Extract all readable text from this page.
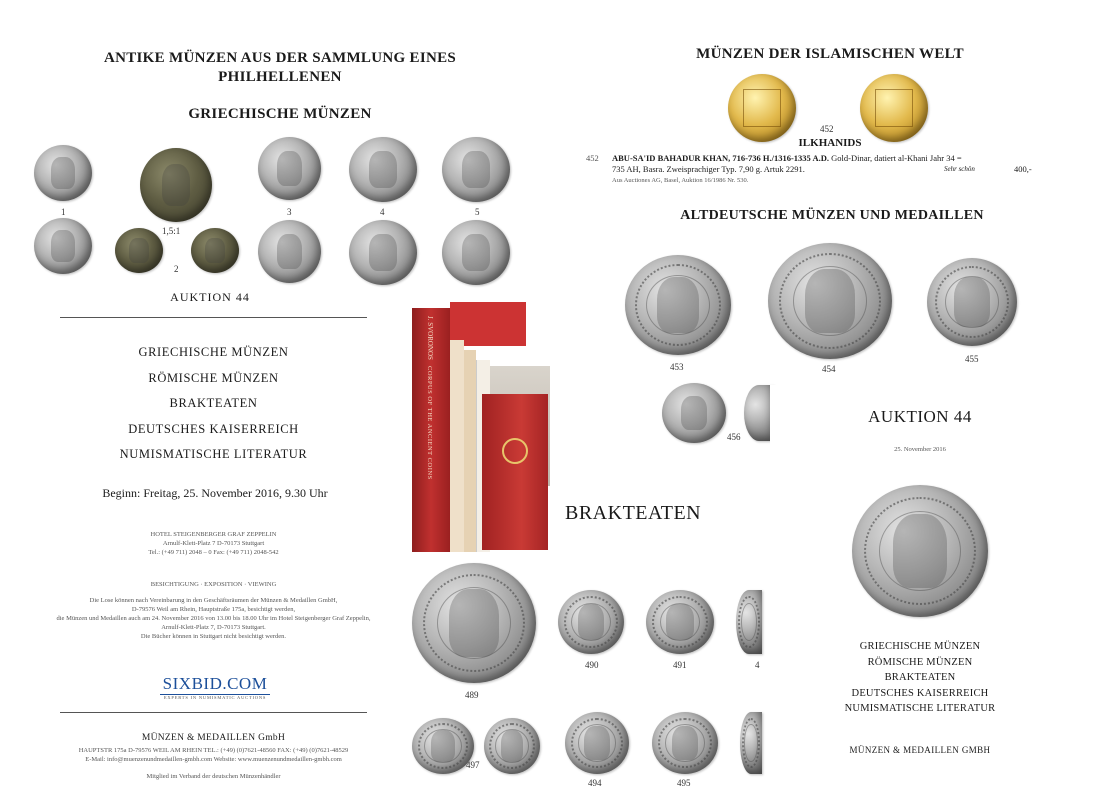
ANTIKE MÜNZEN AUS DER SAMMLUNG EINES
PHILHELLENEN
GRIECHISCHE MÜNZEN
1
1,5:1
2
3	4	5
AUKTION 44
GRIECHISCHE MÜNZEN
RÖMISCHE MÜNZEN
BRAKTEATEN
DEUTSCHES KAISERREICH
NUMISMATISCHE LITERATUR
Beginn: Freitag, 25. November 2016, 9.30 Uhr
HOTEL STEIGENBERGER GRAF ZEPPELIN
Arnulf-Klett-Platz 7 D-70173 Stuttgart
Tel.: (+49 711) 2048 – 0 Fax: (+49 711) 2048-542
BESICHTIGUNG · EXPOSITION · VIEWING
Die Lose können nach Vereinbarung in den Geschäftsräumen der Münzen & Medaillen GmbH,
D-79576 Weil am Rhein, Hauptstraße 175a, besichtigt werden,
die Münzen und Medaillen auch am 24. November 2016 von 13.00 bis 18.00 Uhr im Hotel Steigenberger Graf Zeppelin,
Arnulf-Klett-Platz 7, D-70173 Stuttgart.
Die Bücher können in Stuttgart nicht besichtigt werden.
SIXBID.COM
EXPERTS IN NUMISMATIC AUCTIONS
MÜNZEN & MEDAILLEN GmbH
HAUPTSTR 175a D-79576 WEIL AM RHEIN TEL.: (+49) (0)7621-48560 FAX: (+49) (0)7621-48529
E-Mail: info@muenzenundmedaillen-gmbh.com Website: www.muenzenundmedaillen-gmbh.com
Mitglied im Verband der deutschen Münzenhändler
J. SVORONOS
CORPUS OF THE ANCIENT COINS
MÜNZEN DER ISLAMISCHEN WELT
452
ILKHANIDS
452 ABU-SA'ID BAHADUR KHAN, 716-736 H./1316-1335 A.D. Gold-Dinar, datiert al-Khani Jahr 34 =
735 AH, Basra. Zweisprachiger Typ. 7,90 g. Artuk 2291.	Sehr schön	400,-
Aus Auctiones AG, Basel, Auktion 16/1986 Nr. 530.
ALTDEUTSCHE MÜNZEN UND MEDAILLEN
453	454
455
456
AUKTION 44
25. November 2016
GRIECHISCHE MÜNZEN
RÖMISCHE MÜNZEN
BRAKTEATEN
DEUTSCHES KAISERREICH
NUMISMATISCHE LITERATUR
MÜNZEN & MEDAILLEN GMBH
BRAKTEATEN
489
490	491	4
497
494	495
